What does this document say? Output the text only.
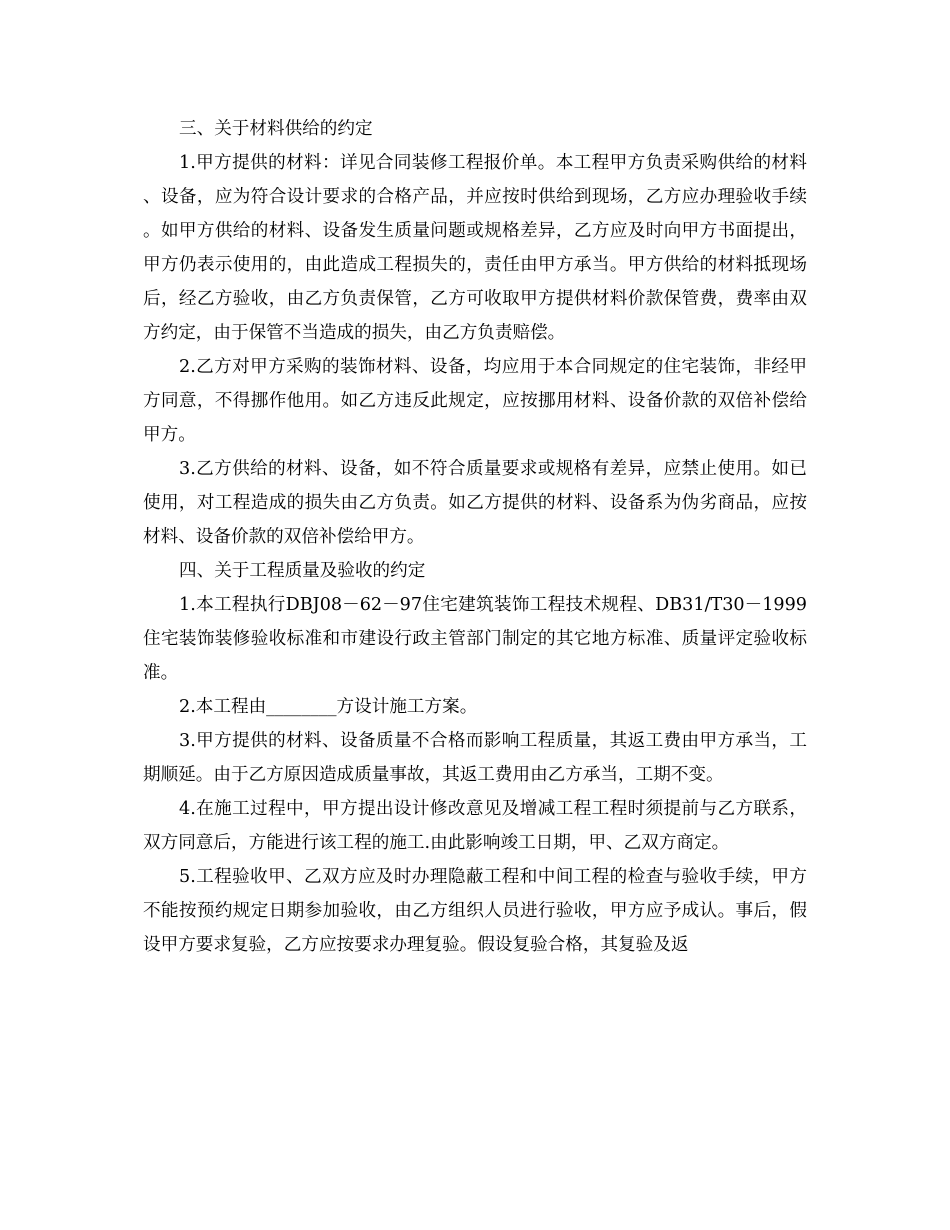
三、关于材料供给的约定

1.甲方提供的材料：详见合同装修工程报价单。本工程甲方负责采购供给的材料、设备，应为符合设计要求的合格产品，并应按时供给到现场，乙方应办理验收手续。如甲方供给的材料、设备发生质量问题或规格差异，乙方应及时向甲方书面提出，甲方仍表示使用的，由此造成工程损失的，责任由甲方承当。甲方供给的材料抵现场后，经乙方验收，由乙方负责保管，乙方可收取甲方提供材料价款保管费，费率由双方约定，由于保管不当造成的损失，由乙方负责赔偿。

2.乙方对甲方采购的装饰材料、设备，均应用于本合同规定的住宅装饰，非经甲方同意，不得挪作他用。如乙方违反此规定，应按挪用材料、设备价款的双倍补偿给甲方。

3.乙方供给的材料、设备，如不符合质量要求或规格有差异，应禁止使用。如已使用，对工程造成的损失由乙方负责。如乙方提供的材料、设备系为伪劣商品，应按材料、设备价款的双倍补偿给甲方。

四、关于工程质量及验收的约定

1.本工程执行DBJ08－62－97住宅建筑装饰工程技术规程、DB31/T30－1999住宅装饰装修验收标准和市建设行政主管部门制定的其它地方标准、质量评定验收标准。

2.本工程由________方设计施工方案。

3.甲方提供的材料、设备质量不合格而影响工程质量，其返工费由甲方承当，工期顺延。由于乙方原因造成质量事故，其返工费用由乙方承当，工期不变。

4.在施工过程中，甲方提出设计修改意见及增减工程工程时须提前与乙方联系，双方同意后，方能进行该工程的施工.由此影响竣工日期，甲、乙双方商定。

5.工程验收甲、乙双方应及时办理隐蔽工程和中间工程的检查与验收手续，甲方不能按预约规定日期参加验收，由乙方组织人员进行验收，甲方应予成认。事后，假设甲方要求复验，乙方应按要求办理复验。假设复验合格，其复验及返
